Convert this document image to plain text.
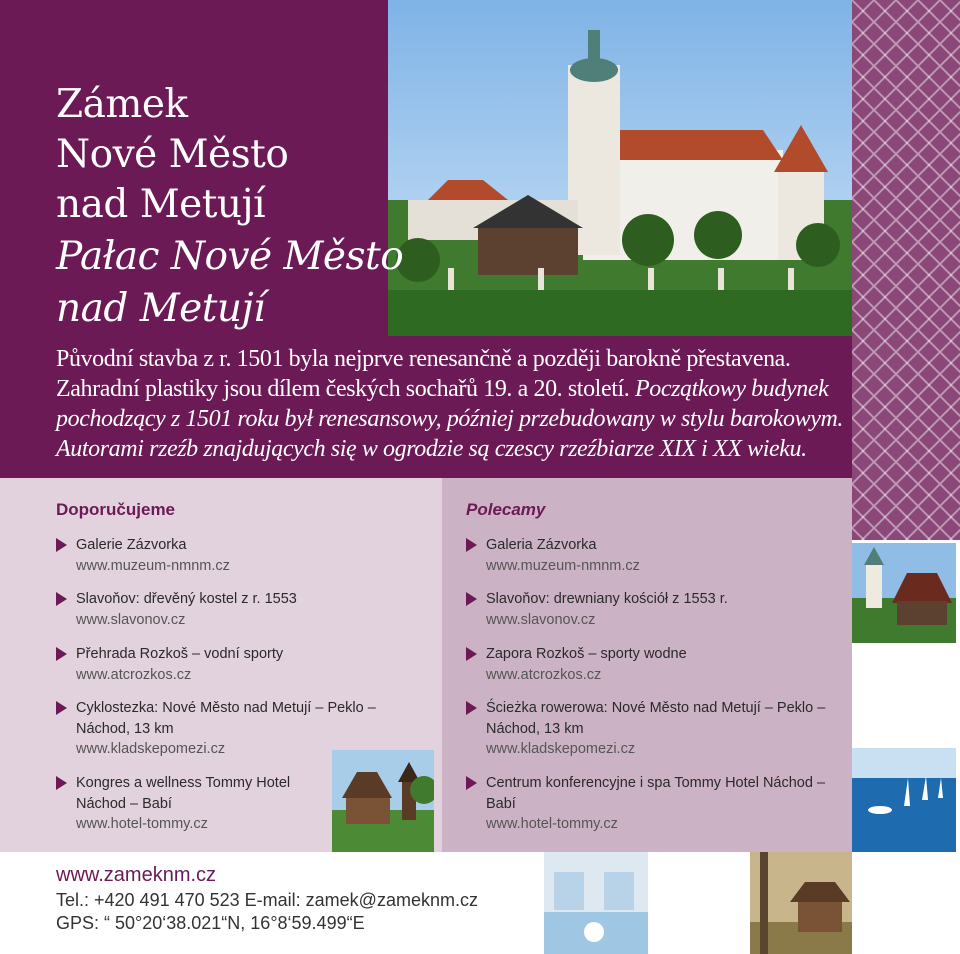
Zámek
Nové Město
nad Metují
Pałac Nové Město
nad Metují
Původní stavba z r. 1501 byla nejprve renesančně a později barokně přestavena.
Zahradní plastiky jsou dílem českých sochařů 19. a 20. století. Początkowy budynek
pochodzący z 1501 roku był renesansowy, później przebudowany w stylu barokowym.
Autorami rzeźb znajdujących się w ogrodzie są czescy rzeźbiarze XIX i XX wieku.
Doporučujeme	Polecamy
Galerie Zázvorka
www.muzeum-nmnm.cz
Slavoňov: dřevěný kostel z r. 1553
www.slavonov.cz
Přehrada Rozkoš – vodní sporty
www.atcrozkos.cz
Cyklostezka: Nové Město nad Metují – Peklo – Náchod, 13 km
www.kladskepomezi.cz
Kongres a wellness Tommy Hotel Náchod – Babí
www.hotel-tommy.cz
Galeria Zázvorka
www.muzeum-nmnm.cz
Slavoňov: drewniany kościół z 1553 r.
www.slavonov.cz
Zapora Rozkoš – sporty wodne
www.atcrozkos.cz
Ścieżka rowerowa: Nové Město nad Metují – Peklo – Náchod, 13 km
www.kladskepomezi.cz
Centrum konferencyjne i spa Tommy Hotel Náchod – Babí
www.hotel-tommy.cz
www.zameknm.cz
Tel.: +420 491 470 523 E-mail: zamek@zameknm.cz
GPS: “ 50°20‘38.021“N, 16°8‘59.499“E
